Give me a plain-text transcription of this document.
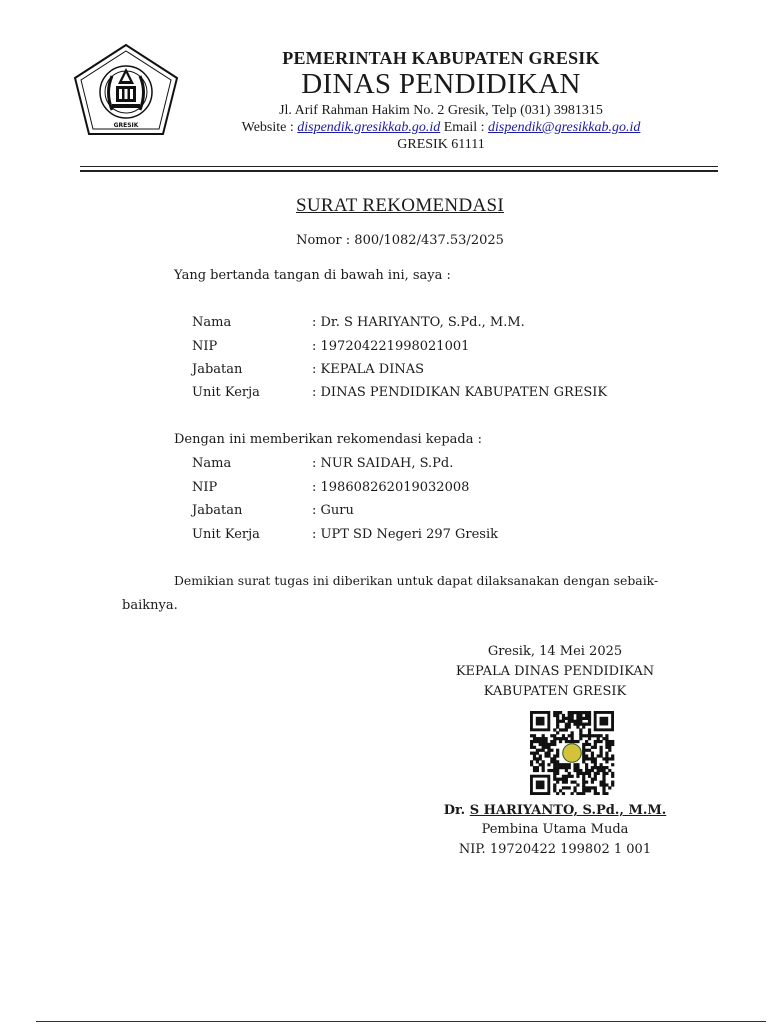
GRESIK
PEMERINTAH KABUPATEN GRESIK
DINAS PENDIDIKAN
Jl. Arif Rahman Hakim No. 2 Gresik, Telp (031) 3981315
Website : dispendik.gresikkab.go.id Email : dispendik@gresikkab.go.id
GRESIK 61111
SURAT REKOMENDASI
Nomor : 800/1082/437.53/2025
Yang bertanda tangan di bawah ini, saya :
Nama	: Dr. S HARIYANTO, S.Pd., M.M.
NIP	: 197204221998021001
Jabatan	: KEPALA DINAS
Unit Kerja	: DINAS PENDIDIKAN KABUPATEN GRESIK
Dengan ini memberikan rekomendasi kepada :
Nama	: NUR SAIDAH, S.Pd.
NIP	: 198608262019032008
Jabatan	: Guru
Unit Kerja	: UPT SD Negeri 297 Gresik
Demikian surat tugas ini diberikan untuk dapat dilaksanakan dengan sebaik-
baiknya.
Gresik, 14 Mei 2025
KEPALA DINAS PENDIDIKAN
KABUPATEN GRESIK
Dr. S HARIYANTO, S.Pd., M.M.
Pembina Utama Muda
NIP. 19720422 199802 1 001
